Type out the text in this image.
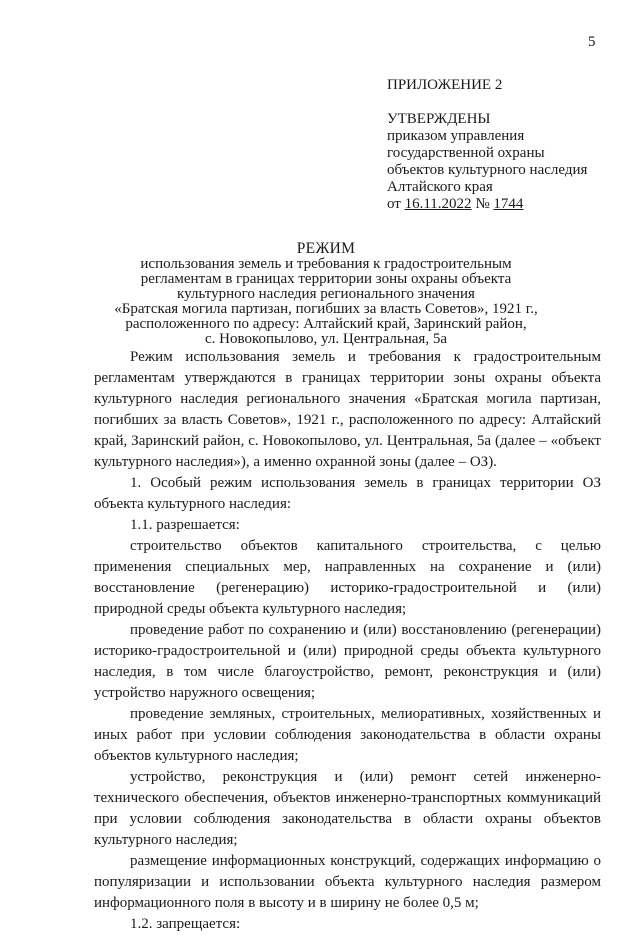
5
ПРИЛОЖЕНИЕ 2
УТВЕРЖДЕНЫ
приказом управления
государственной охраны
объектов культурного наследия
Алтайского края
от 16.11.2022 № 1744
РЕЖИМ
использования земель и требования к градостроительным
регламентам в границах территории зоны охраны объекта
культурного наследия регионального значения
«Братская могила партизан, погибших за власть Советов», 1921 г.,
расположенного по адресу: Алтайский край, Заринский район,
с. Новокопылово, ул. Центральная, 5а

Режим использования земель и требования к градостроительным регламентам утверждаются в границах территории зоны охраны объекта культурного наследия регионального значения «Братская могила партизан, погибших за власть Советов», 1921 г., расположенного по адресу: Алтайский край, Заринский район, с. Новокопылово, ул. Центральная, 5а (далее – «объект культурного наследия»), а именно охранной зоны (далее – ОЗ).

1. Особый режим использования земель в границах территории ОЗ объекта культурного наследия:

1.1. разрешается:

строительство объектов капитального строительства, с целью применения специальных мер, направленных на сохранение и (или) восстановление (регенерацию) историко-градостроительной и (или) природной среды объекта культурного наследия;

проведение работ по сохранению и (или) восстановлению (регенерации) историко-градостроительной и (или) природной среды объекта культурного наследия, в том числе благоустройство, ремонт, реконструкция и (или) устройство наружного освещения;

проведение земляных, строительных, мелиоративных, хозяйственных и иных работ при условии соблюдения законодательства в области охраны объектов культурного наследия;

устройство, реконструкция и (или) ремонт сетей инженерно-технического обеспечения, объектов инженерно-транспортных коммуникаций при условии соблюдения законодательства в области охраны объектов культурного наследия;

размещение информационных конструкций, содержащих информацию о популяризации и использовании объекта культурного наследия размером информационного поля в высоту и в ширину не более 0,5 м;

1.2. запрещается:
